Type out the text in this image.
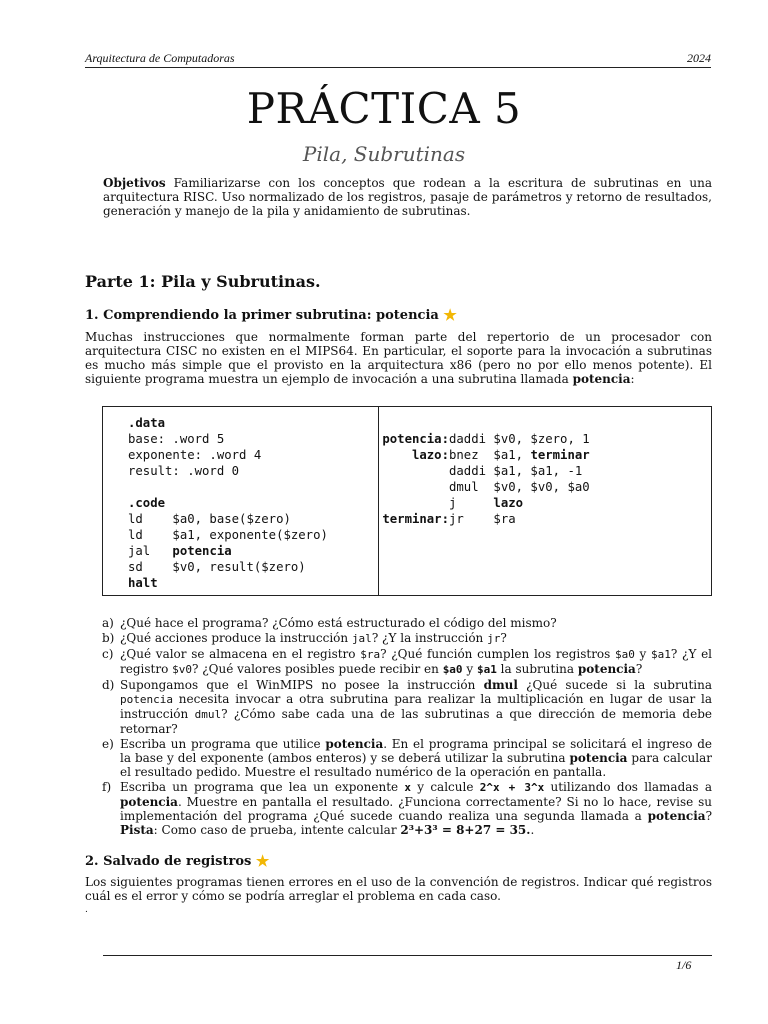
Arquitectura de Computadoras	2024
PRÁCTICA 5

Pila, Subrutinas

Objetivos Familiarizarse con los conceptos que rodean a la escritura de subrutinas en una arquitectura RISC. Uso normalizado de los registros, pasaje de parámetros y retorno de resultados, generación y manejo de la pila y anidamiento de subrutinas.

Parte 1: Pila y Subrutinas.
1. Comprendiendo la primer subrutina: potencia ★

Muchas instrucciones que normalmente forman parte del repertorio de un procesador con arquitectura CISC no existen en el MIPS64. En particular, el soporte para la invocación a subrutinas es mucho más simple que el provisto en la arquitectura x86 (pero no por ello menos potente). El siguiente programa muestra un ejemplo de invocación a una subrutina llamada potencia:

.data
base: .word 5
exponente: .word 4
result: .word 0

.code
ld    $a0, base($zero)
ld    $a1, exponente($zero)
jal   potencia
sd    $v0, result($zero)
halt
potencia:daddi $v0, $zero, 1
lazo:bnez  $a1, terminar
daddi $a1, $a1, -1
dmul  $v0, $v0, $a0
j     lazo
terminar:jr    $ra
a) ¿Qué hace el programa? ¿Cómo está estructurado el código del mismo?
b) ¿Qué acciones produce la instrucción jal? ¿Y la instrucción jr?
c) ¿Qué valor se almacena en el registro $ra? ¿Qué función cumplen los registros $a0 y $a1? ¿Y el registro $v0? ¿Qué valores posibles puede recibir en $a0 y $a1 la subrutina potencia?
d) Supongamos que el WinMIPS no posee la instrucción dmul ¿Qué sucede si la subrutina potencia necesita invocar a otra subrutina para realizar la multiplicación en lugar de usar la instrucción dmul? ¿Cómo sabe cada una de las subrutinas a que dirección de memoria debe retornar?
e) Escriba un programa que utilice potencia. En el programa principal se solicitará el ingreso de la base y del exponente (ambos enteros) y se deberá utilizar la subrutina potencia para calcular el resultado pedido. Muestre el resultado numérico de la operación en pantalla.
f) Escriba un programa que lea un exponente x y calcule 2^x + 3^x utilizando dos llamadas a potencia. Muestre en pantalla el resultado. ¿Funciona correctamente? Si no lo hace, revise su implementación del programa ¿Qué sucede cuando realiza una segunda llamada a potencia? Pista: Como caso de prueba, intente calcular 2³+3³ = 8+27 = 35..
2. Salvado de registros ★

Los siguientes programas tienen errores en el uso de la convención de registros. Indicar qué registros cuál es el error y cómo se podría arreglar el problema en cada caso.

.

1/6
